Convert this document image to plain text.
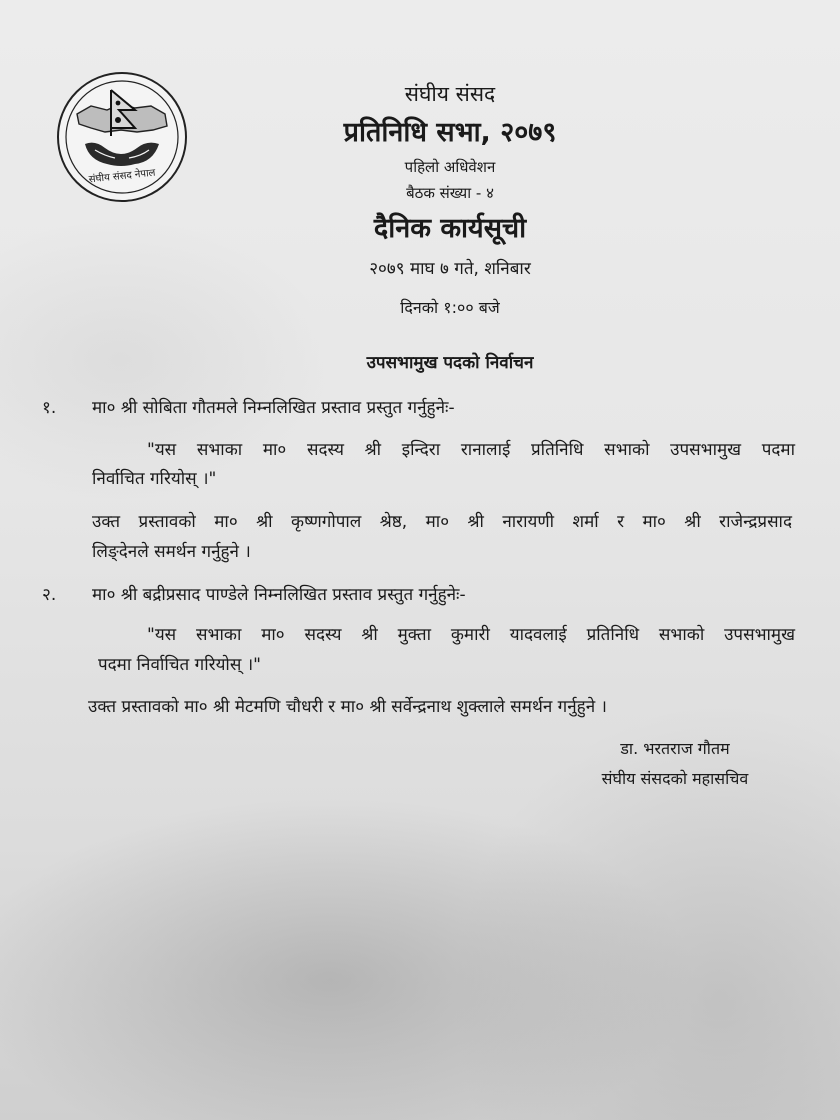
संघीय संसद नेपाल
संघीय संसद
प्रतिनिधि सभा, २०७९
पहिलो अधिवेशन
बैठक संख्या - ४
दैनिक कार्यसूची
२०७९ माघ ७ गते, शनिबार
दिनको १:०० बजे
उपसभामुख पदको निर्वाचन
१. मा० श्री सोबिता गौतमले निम्नलिखित प्रस्ताव प्रस्तुत गर्नुहुनेः-
"यस सभाका मा० सदस्य श्री इन्दिरा रानालाई प्रतिनिधि सभाको उपसभामुख पदमा
निर्वाचित गरियोस् ।"
उक्त प्रस्तावको मा० श्री कृष्णगोपाल श्रेष्ठ, मा० श्री नारायणी शर्मा र मा० श्री राजेन्द्रप्रसाद
लिङ्देनले समर्थन गर्नुहुने ।
२. मा० श्री बद्रीप्रसाद पाण्डेले निम्नलिखित प्रस्ताव प्रस्तुत गर्नुहुनेः-
"यस सभाका मा० सदस्य श्री मुक्ता कुमारी यादवलाई प्रतिनिधि सभाको उपसभामुख
पदमा निर्वाचित गरियोस् ।"
उक्त प्रस्तावको मा० श्री मेटमणि चौधरी र मा० श्री सर्वेन्द्रनाथ शुक्लाले समर्थन गर्नुहुने ।
डा. भरतराज गौतम
संघीय संसदको महासचिव
